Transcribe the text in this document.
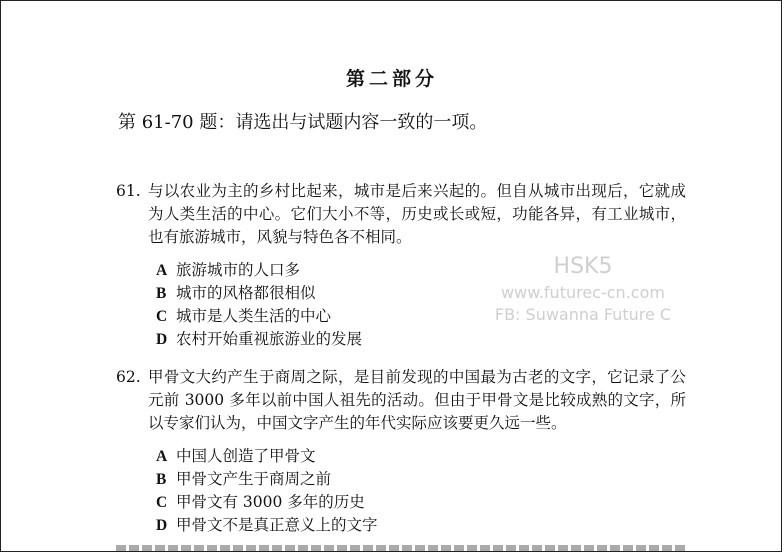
第二部分
第 61-70 题：请选出与试题内容一致的一项。
61. 与以农业为主的乡村比起来，城市是后来兴起的。但自从城市出现后，它就成为人类生活的中心。它们大小不等，历史或长或短，功能各异，有工业城市，也有旅游城市，风貌与特色各不相同。
A 旅游城市的人口多
B 城市的风格都很相似
C 城市是人类生活的中心
D 农村开始重视旅游业的发展
62. 甲骨文大约产生于商周之际，是目前发现的中国最为古老的文字，它记录了公元前 3000 多年以前中国人祖先的活动。但由于甲骨文是比较成熟的文字，所以专家们认为，中国文字产生的年代实际应该要更久远一些。
A 中国人创造了甲骨文
B 甲骨文产生于商周之前
C 甲骨文有 3000 多年的历史
D 甲骨文不是真正意义上的文字
HSK5
www.futurec-cn.com
FB: Suwanna Future C
